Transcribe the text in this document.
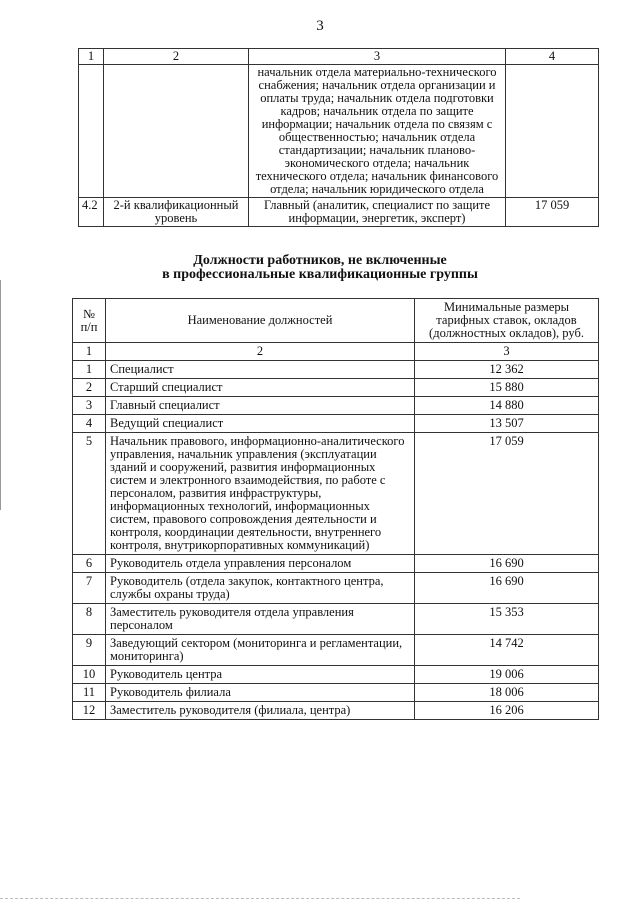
3
1	2	3	4
		начальник отдела материально-технического снабжения; начальник отдела организации и оплаты труда; начальник отдела подготовки кадров; начальник отдела по защите информации; начальник отдела по связям с общественностью; начальник отдела стандартизации; начальник планово-экономического отдела; начальник технического отдела; начальник финансового отдела; начальник юридического отдела	
4.2	2-й квалификационный уровень	Главный (аналитик, специалист по защите информации, энергетик, эксперт)	17 059
Должности работников, не включенные
в профессиональные квалификационные группы
№
п/п	Наименование должностей	Минимальные размеры тарифных ставок, окладов (должностных окладов), руб.
1	2	3
1	Специалист	12 362
2	Старший специалист	15 880
3	Главный специалист	14 880
4	Ведущий специалист	13 507
5	Начальник правового, информационно-аналитического управления, начальник управления (эксплуатации зданий и сооружений, развития информационных систем и электронного взаимодействия, по работе с персоналом, развития инфраструктуры, информационных технологий, информационных систем, правового сопровождения деятельности и контроля, координации деятельности, внутреннего контроля, внутрикорпоративных коммуникаций)	17 059
6	Руководитель отдела управления персоналом	16 690
7	Руководитель (отдела закупок, контактного центра, службы охраны труда)	16 690
8	Заместитель руководителя отдела управления персоналом	15 353
9	Заведующий сектором (мониторинга и регламентации, мониторинга)	14 742
10	Руководитель центра	19 006
11	Руководитель филиала	18 006
12	Заместитель руководителя (филиала, центра)	16 206
